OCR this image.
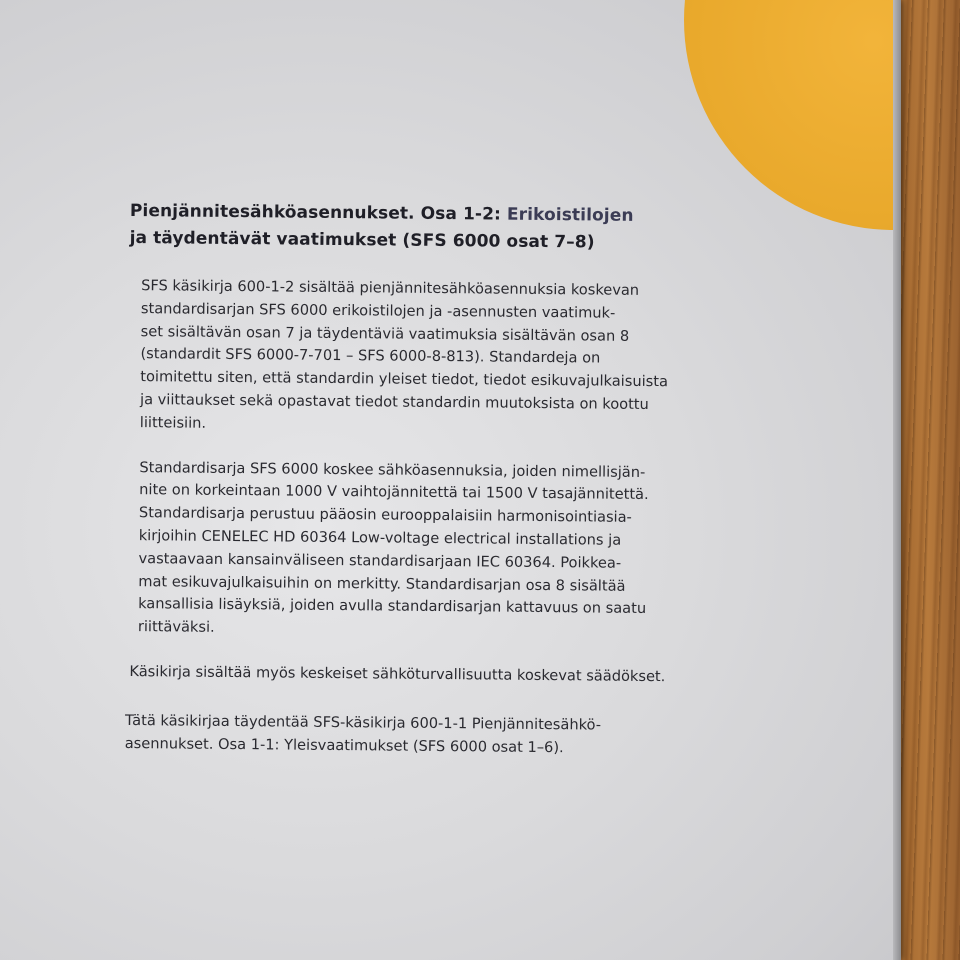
Pienjännitesähköasennukset. Osa 1-2: Erikoistilojen
ja täydentävät vaatimukset (SFS 6000 osat 7–8)

SFS käsikirja 600-1-2 sisältää pienjännitesähköasennuksia koskevan
standardisarjan SFS 6000 erikoistilojen ja -asennusten vaatimuk-
set sisältävän osan 7 ja täydentäviä vaatimuksia sisältävän osan 8
(standardit SFS 6000-7-701 – SFS 6000-8-813). Standardeja on
toimitettu siten, että standardin yleiset tiedot, tiedot esikuvajulkaisuista
ja viittaukset sekä opastavat tiedot standardin muutoksista on koottu
liitteisiin.

Standardisarja SFS 6000 koskee sähköasennuksia, joiden nimellisjän-
nite on korkeintaan 1000 V vaihtojännitettä tai 1500 V tasajännitettä.
Standardisarja perustuu pääosin eurooppalaisiin harmonisointiasia-
kirjoihin CENELEC HD 60364 Low-voltage electrical installations ja
vastaavaan kansainväliseen standardisarjaan IEC 60364. Poikkea-
mat esikuvajulkaisuihin on merkitty. Standardisarjan osa 8 sisältää
kansallisia lisäyksiä, joiden avulla standardisarjan kattavuus on saatu
riittäväksi.

Käsikirja sisältää myös keskeiset sähköturvallisuutta koskevat säädökset.

Tätä käsikirjaa täydentää SFS-käsikirja 600-1-1 Pienjännitesähkö-
asennukset. Osa 1-1: Yleisvaatimukset (SFS 6000 osat 1–6).
